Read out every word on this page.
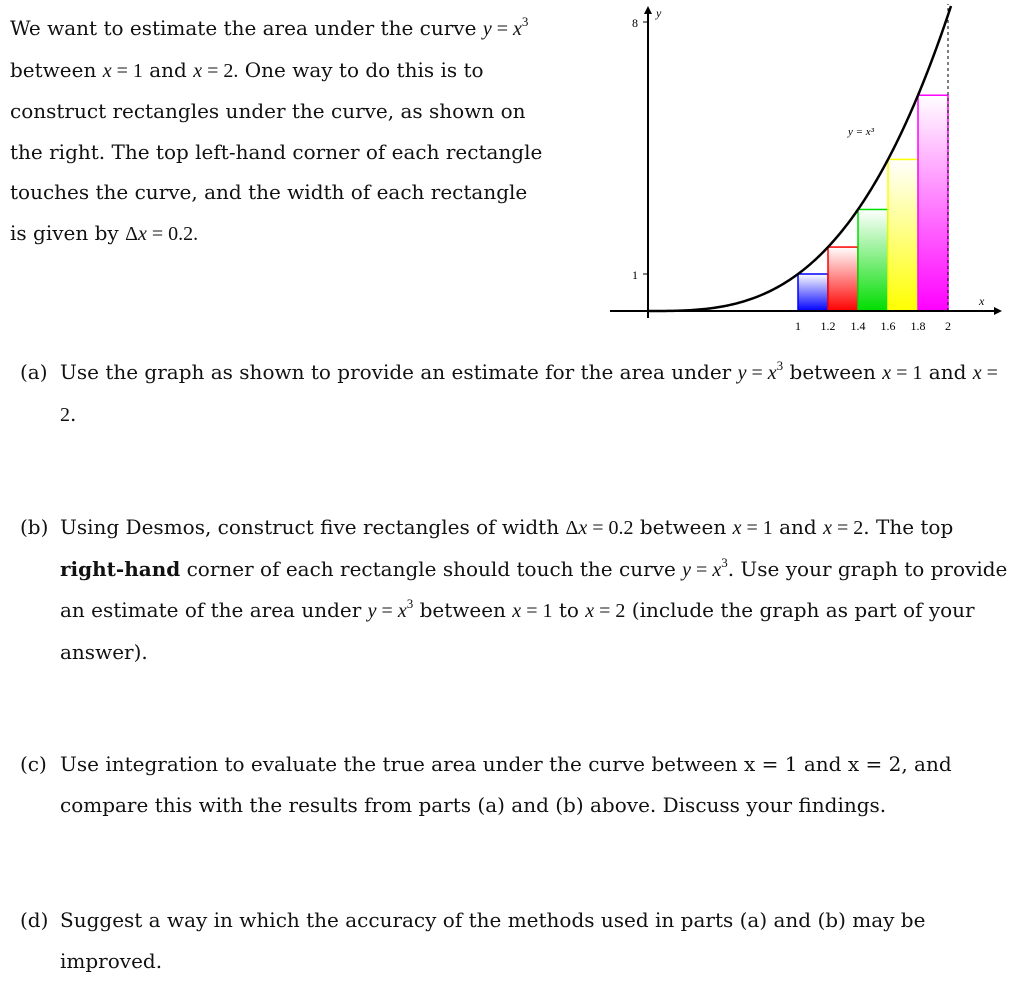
We want to estimate the area under the curve $y = x^3$ between x = 1 and x = 2. One way to do this is to construct rectangles under the curve, as shown on the right. The top left-hand corner of each rectangle touches the curve, and the width of each rectangle is given by Δx = 0.2.
8
1
y
x
y = x³
1 1.2 1.4 1.6 1.8 2
(a) Use the graph as shown to provide an estimate for the area under $y = x^3$ between x = 1 and x = 2.
(b) Using Desmos, construct five rectangles of width Δx = 0.2 between x = 1 and x = 2. The top right-hand corner of each rectangle should touch the curve $y = x^3$. Use your graph to provide an estimate of the area under $y = x^3$ between x = 1 to x = 2 (include the graph as part of your answer).
(c) Use integration to evaluate the true area under the curve between x = 1 and x = 2, and compare this with the results from parts (a) and (b) above. Discuss your findings.
(d) Suggest a way in which the accuracy of the methods used in parts (a) and (b) may be improved.
